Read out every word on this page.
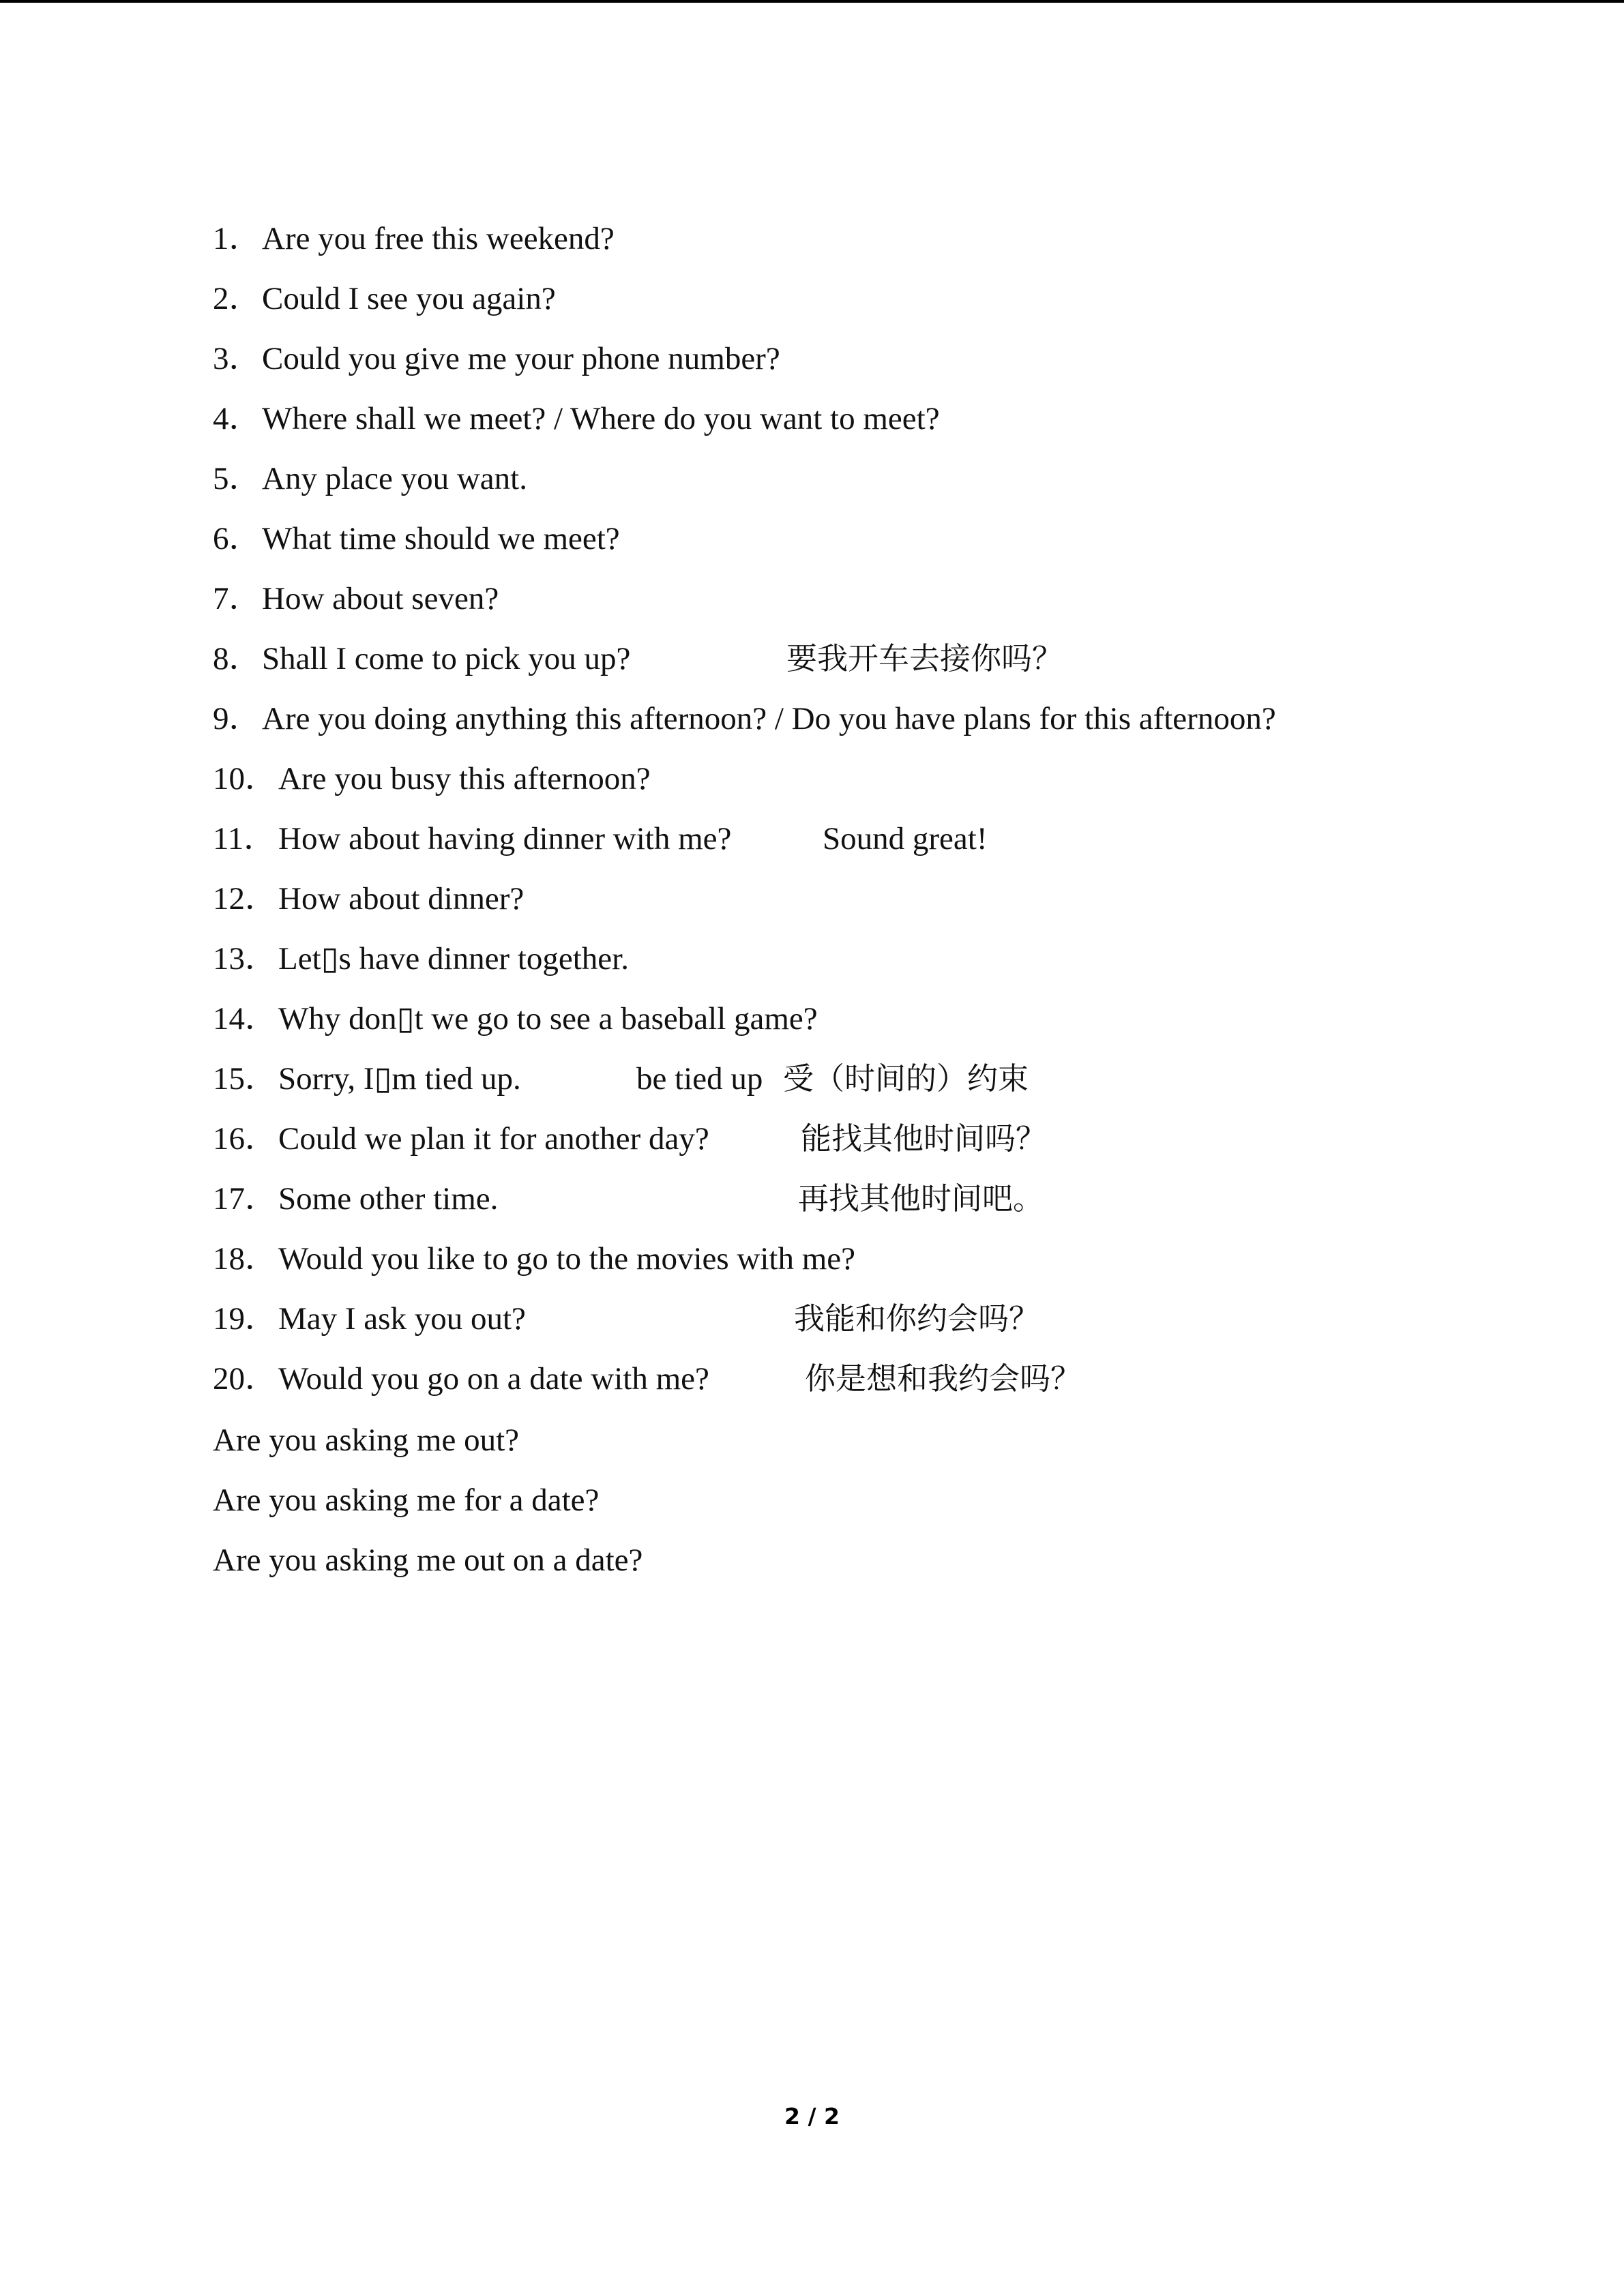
1．Are you free this weekend?
2．Could I see you again?
3．Could you give me your phone number?
4．Where shall we meet? / Where do you want to meet?
5．Any place you want.
6．What time should we meet?
7．How about seven?
8．Shall I come to pick you up?	要我开车去接你吗？
9．Are you doing anything this afternoon? / Do you have plans for this afternoon?
10．Are you busy this afternoon?
11．How about having dinner with me?	Sound great!
12．How about dinner?
13．Let▯s have dinner together.
14．Why don▯t we go to see a baseball game?
15．Sorry, I▯m tied up.	be tied up 受（时间的）约束
16．Could we plan it for another day?	能找其他时间吗？
17．Some other time.	再找其他时间吧。
18．Would you like to go to the movies with me?
19．May I ask you out?	我能和你约会吗？
20．Would you go on a date with me?	你是想和我约会吗？
Are you asking me out?
Are you asking me for a date?
Are you asking me out on a date?
2 / 2
